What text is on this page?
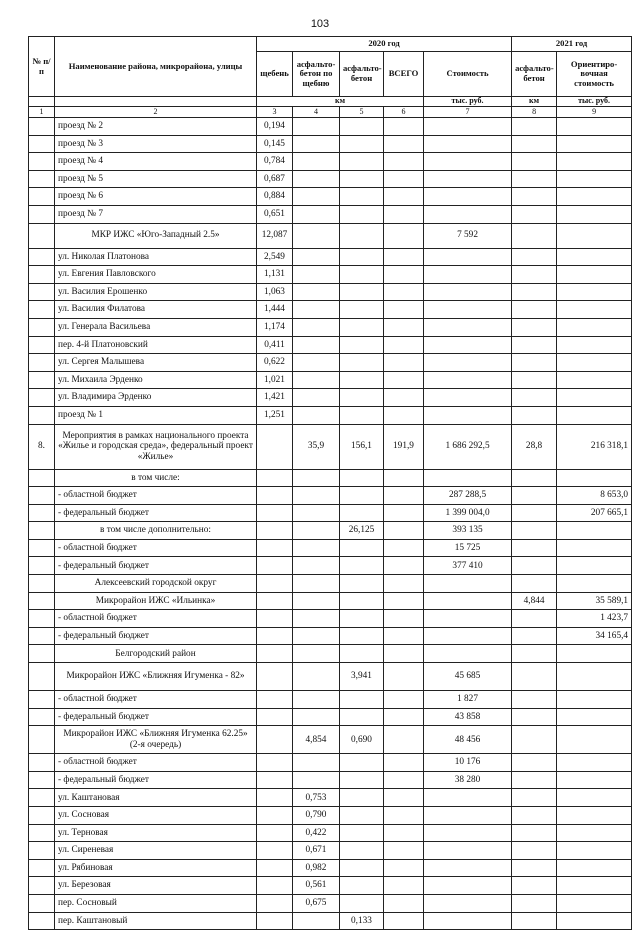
103
№ п/п	Наименование района, микрорайона, улицы	2020 год					2021 год	
		щебень	асфальто-бетон по щебню	асфальто-бетон	ВСЕГО	Стоимость	асфальто-бетон	Ориентиро-вочная стоимость
		км				тыс. руб.	км	тыс. руб.
1	2	3	4	5	6	7	8	9
	проезд № 2	0,194						
	проезд № 3	0,145						
	проезд № 4	0,784						
	проезд № 5	0,687						
	проезд № 6	0,884						
	проезд № 7	0,651						
	МКР ИЖС «Юго-Западный 2.5»	12,087				7 592		
	ул. Николая Платонова	2,549						
	ул. Евгения Павловского	1,131						
	ул. Василия Ерошенко	1,063						
	ул. Василия Филатова	1,444						
	ул. Генерала Васильева	1,174						
	пер. 4-й Платоновский	0,411						
	ул. Сергея Малышева	0,622						
	ул. Михаила Эрденко	1,021						
	ул. Владимира Эрденко	1,421						
	проезд № 1	1,251						
8.	Мероприятия в рамках национального проекта «Жилье и городская среда», федеральный проект «Жилье»		35,9	156,1	191,9	1 686 292,5	28,8	216 318,1
	в том числе:							
	- областной бюджет					287 288,5		8 653,0
	- федеральный бюджет					1 399 004,0		207 665,1
	в том числе дополнительно:			26,125		393 135		
	- областной бюджет					15 725		
	- федеральный бюджет					377 410		
	Алексеевский городской округ							
	Микрорайон ИЖС «Ильинка»						4,844	35 589,1
	- областной бюджет							1 423,7
	- федеральный бюджет							34 165,4
	Белгородский район							
	Микрорайон ИЖС «Ближняя Игуменка - 82»			3,941		45 685		
	- областной бюджет					1 827		
	- федеральный бюджет					43 858		
	Микрорайон ИЖС «Ближняя Игуменка 62.25» (2-я очередь)		4,854	0,690		48 456		
	- областной бюджет					10 176		
	- федеральный бюджет					38 280		
	ул. Каштановая		0,753					
	ул. Сосновая		0,790					
	ул. Терновая		0,422					
	ул. Сиреневая		0,671					
	ул. Рябиновая		0,982					
	ул. Березовая		0,561					
	пер. Сосновый		0,675					
	пер. Каштановый			0,133				
